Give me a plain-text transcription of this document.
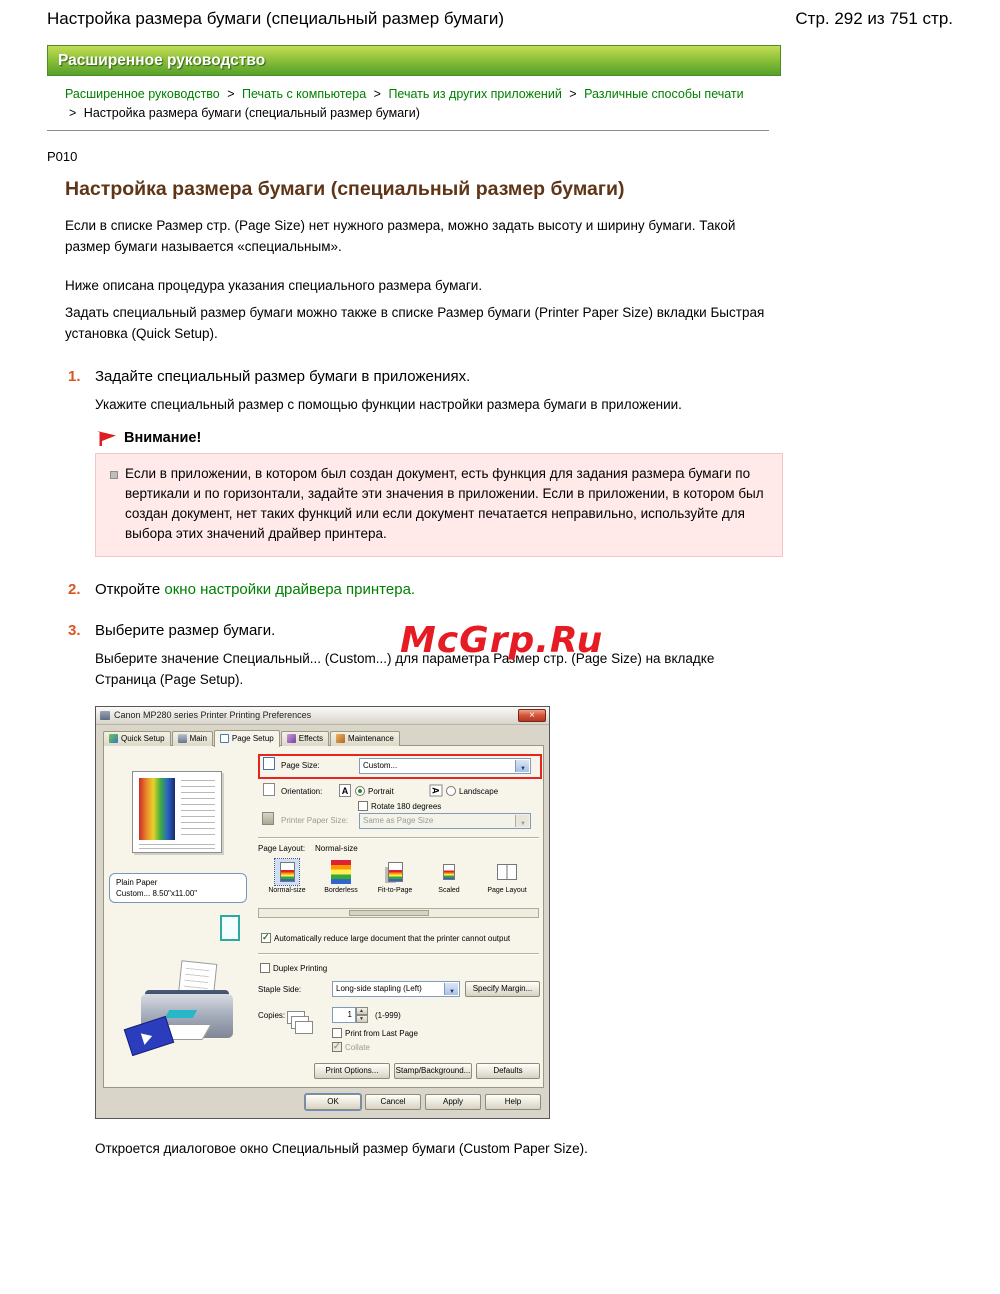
Настройка размера бумаги (специальный размер бумаги)	Стр. 292 из 751 стр.
Расширенное руководство
Расширенное руководство > Печать с компьютера > Печать из других приложений > Различные способы печати
> Настройка размера бумаги (специальный размер бумаги)
P010
Настройка размера бумаги (специальный размер бумаги)

Если в списке Размер стр. (Page Size) нет нужного размера, можно задать высоту и ширину бумаги. Такой размер бумаги называется «специальным».

Ниже описана процедура указания специального размера бумаги.

Задать специальный размер бумаги можно также в списке Размер бумаги (Printer Paper Size) вкладки Быстрая установка (Quick Setup).

1. Задайте специальный размер бумаги в приложениях.
Укажите специальный размер с помощью функции настройки размера бумаги в приложении.
Внимание!
Если в приложении, в котором был создан документ, есть функция для задания размера бумаги по вертикали и по горизонтали, задайте эти значения в приложении. Если в приложении, в котором был создан документ, нет таких функций или если документ печатается неправильно, используйте для выбора этих значений драйвер принтера.
2. Откройте окно настройки драйвера принтера.
3. Выберите размер бумаги.
Выберите значение Специальный... (Custom...) для параметра Размер стр. (Page Size) на вкладке Страница (Page Setup).
McGrp.Ru
Canon MP280 series Printer Printing Preferences
×
Quick Setup	Main	Page Setup	Effects	Maintenance
Plain Paper
Custom... 8.50"x11.00"
Page Size:	▼ Custom...
Orientation:	A	Portrait	A Landscape
Rotate 180 degrees
Printer Paper Size:	▼ Same as Page Size
Page Layout: Normal-size
Normal-size	Borderless	Fit-to-Page	Scaled	Page Layout
✓
Automatically reduce large document that the printer cannot output
Duplex Printing
Staple Side:	▼ Long-side stapling (Left)	Specify Margin...
Copies:	1 ▲ ▼	(1-999)
Print from Last Page
✓
Collate
Print Options...	Stamp/Background...	Defaults
OK	Cancel	Apply	Help

Откроется диалоговое окно Специальный размер бумаги (Custom Paper Size).
